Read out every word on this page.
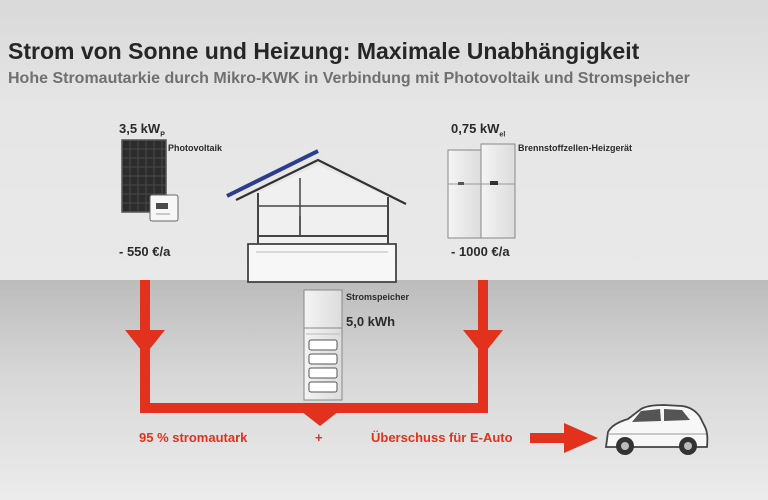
Strom von Sonne und Heizung: Maximale Unabhängigkeit
Hohe Stromautarkie durch Mikro-KWK in Verbindung mit Photovoltaik und Stromspeicher
3,5 $kW_P$
Photovoltaik
- 550 €/a
0,75 $kW_{el}$
Brennstoffzellen-Heizgerät
- 1000 €/a
Stromspeicher
5,0 kWh
95 % stromautark	+	Überschuss für E-Auto
